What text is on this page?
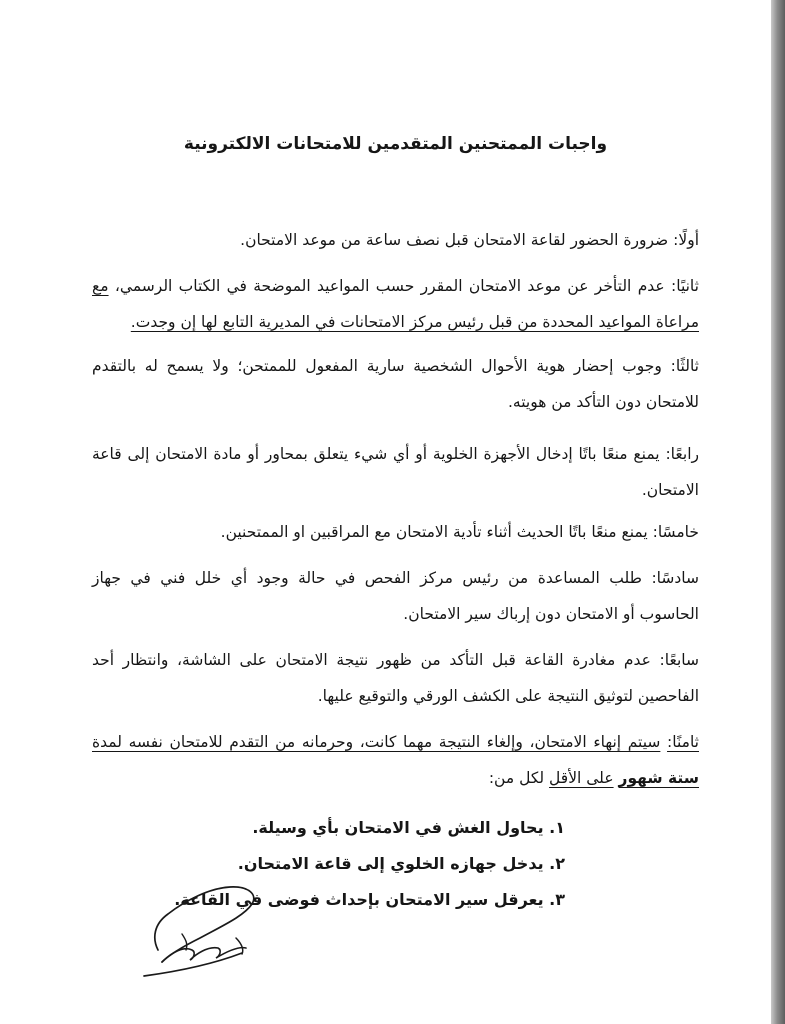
واجبات الممتحنين المتقدمين للامتحانات الالكترونية
أولًا: ضرورة الحضور لقاعة الامتحان قبل نصف ساعة من موعد الامتحان.
ثانيًا: عدم التأخر عن موعد الامتحان المقرر حسب المواعيد الموضحة في الكتاب الرسمي، مع مراعاة المواعيد المحددة من قبل رئيس مركز الامتحانات في المديرية التابع لها إن وجدت.
ثالثًا: وجوب إحضار هوية الأحوال الشخصية سارية المفعول للممتحن؛ ولا يسمح له بالتقدم للامتحان دون التأكد من هويته.
رابعًا: يمنع منعًا باتًا إدخال الأجهزة الخلوية أو أي شيء يتعلق بمحاور أو مادة الامتحان إلى قاعة الامتحان.
خامسًا: يمنع منعًا باتًا الحديث أثناء تأدية الامتحان مع المراقبين او الممتحنين.
سادسًا: طلب المساعدة من رئيس مركز الفحص في حالة وجود أي خلل فني في جهاز الحاسوب أو الامتحان دون إرباك سير الامتحان.
سابعًا: عدم مغادرة القاعة قبل التأكد من ظهور نتيجة الامتحان على الشاشة، وانتظار أحد الفاحصين لتوثيق النتيجة على الكشف الورقي والتوقيع عليها.
ثامنًا: سيتم إنهاء الامتحان، وإلغاء النتيجة مهما كانت، وحرمانه من التقدم للامتحان نفسه لمدة ستة شهور على الأقل لكل من:
١. يحاول الغش في الامتحان بأي وسيلة.
٢. يدخل جهازه الخلوي إلى قاعة الامتحان.
٣. يعرقل سير الامتحان بإحداث فوضى في القاعة.
